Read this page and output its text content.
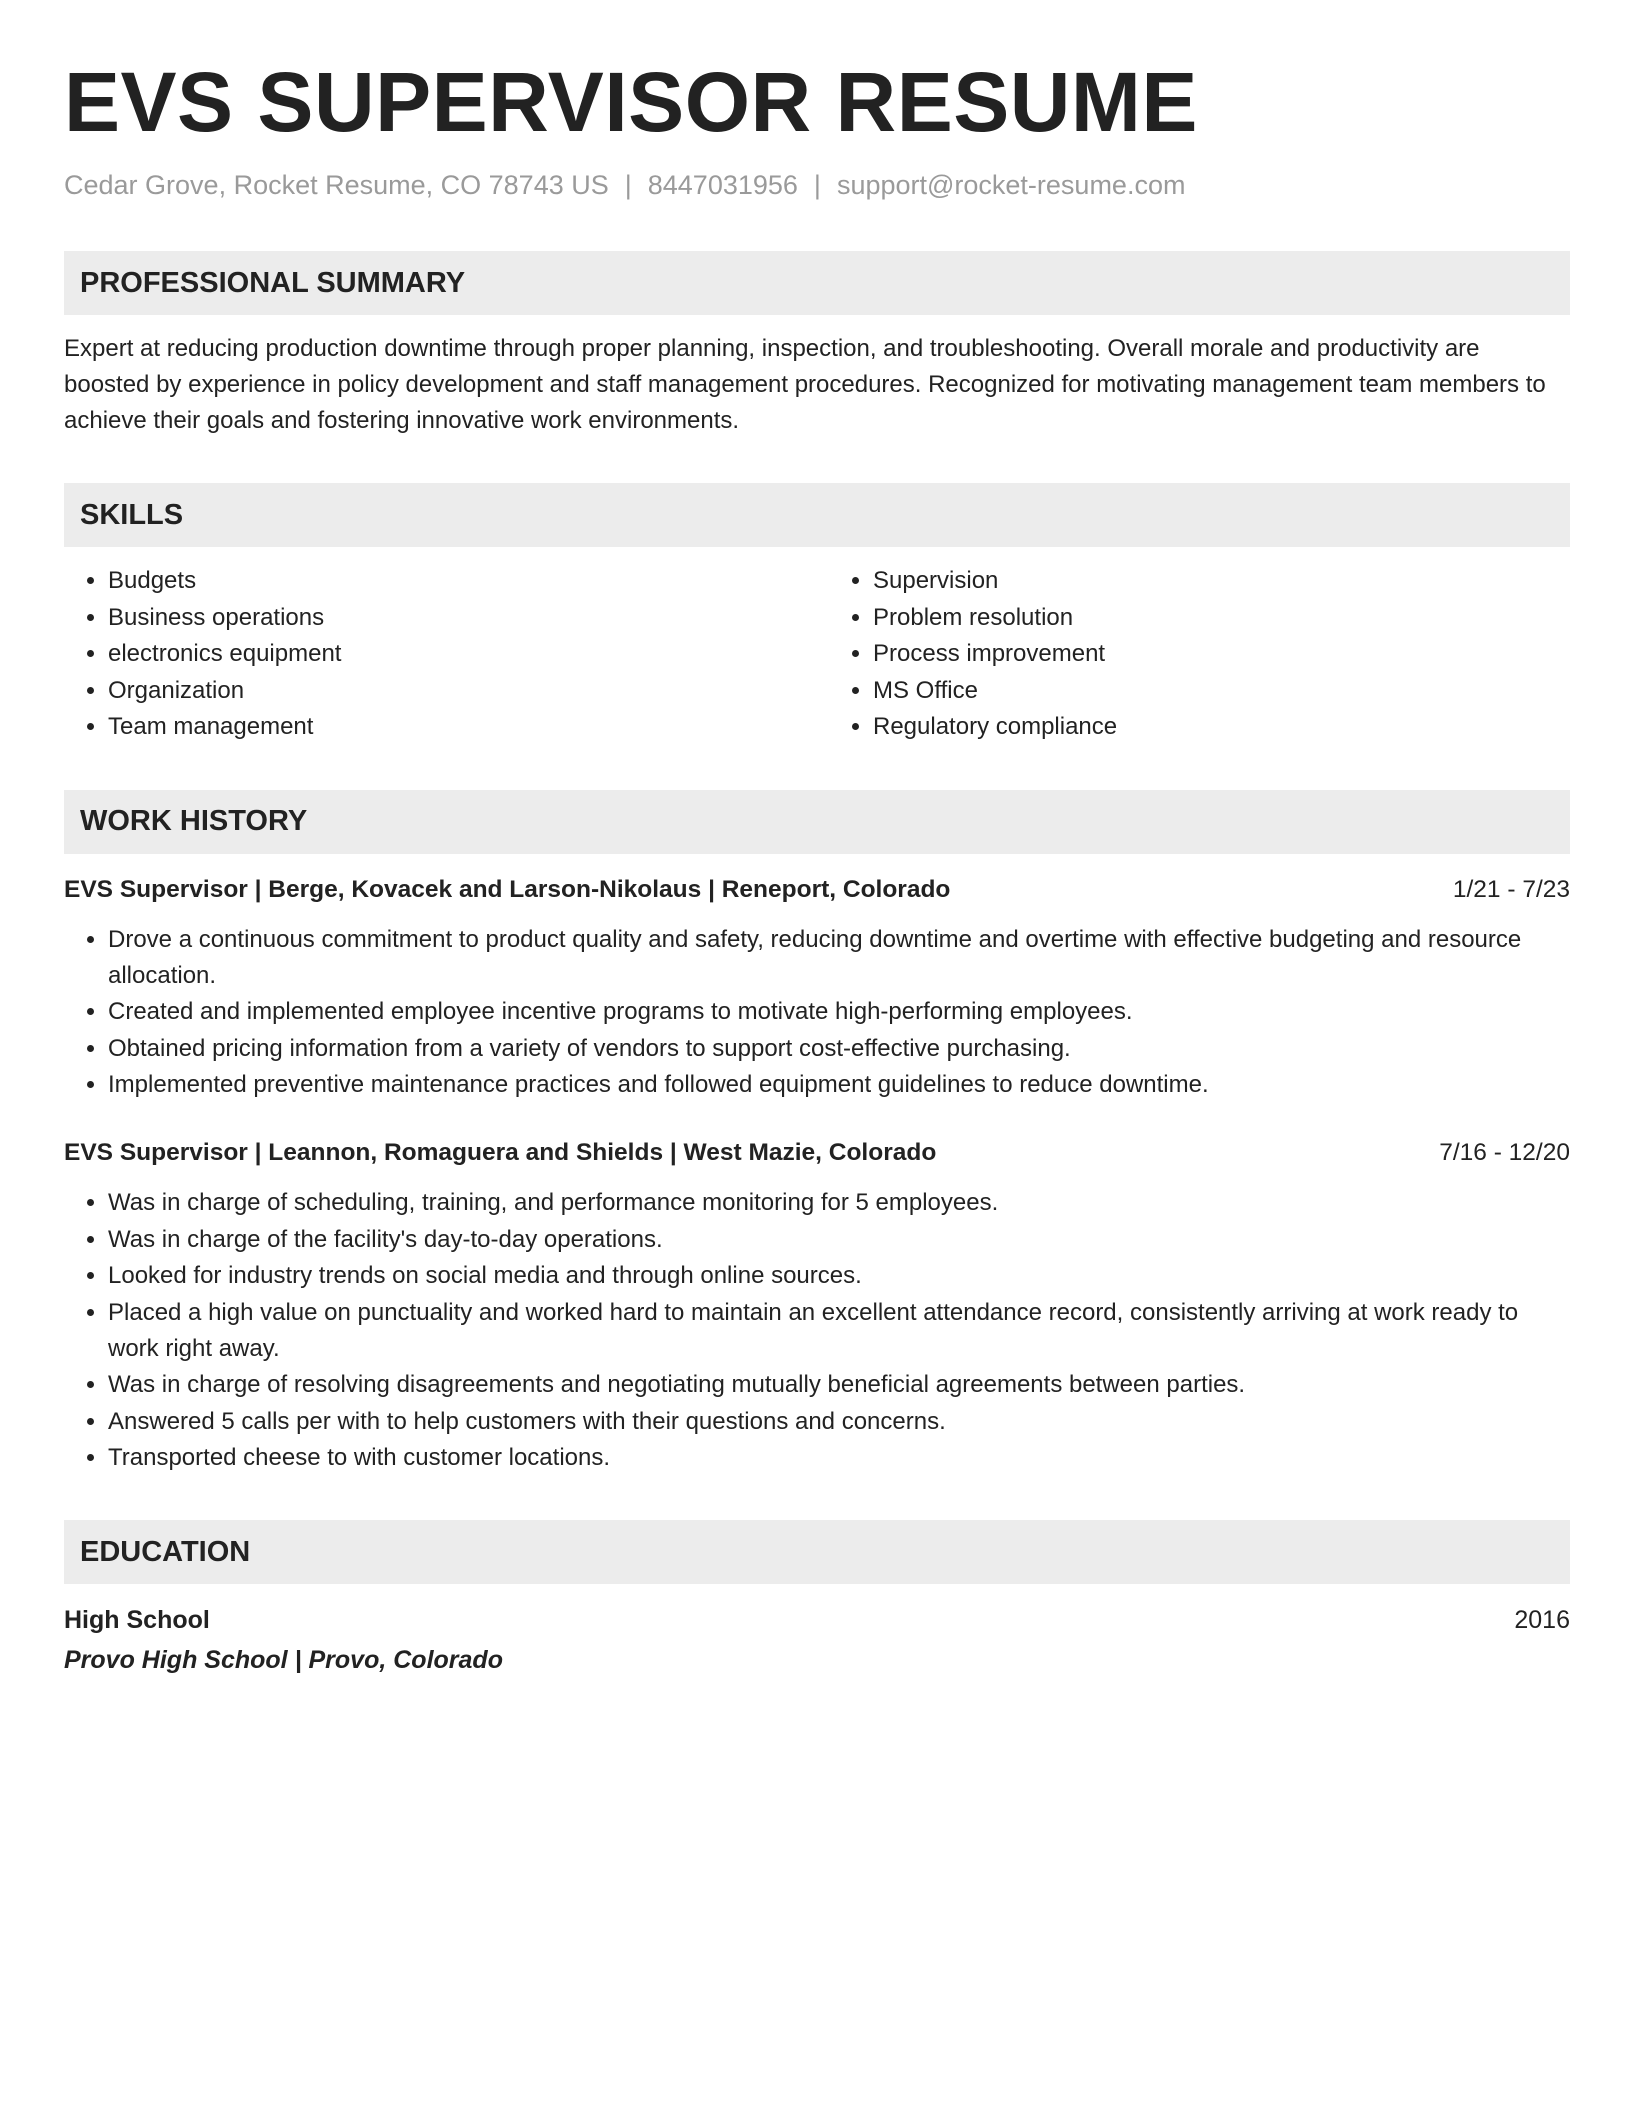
EVS SUPERVISOR RESUME
Cedar Grove, Rocket Resume, CO 78743 US | 8447031956 | support@rocket-resume.com
PROFESSIONAL SUMMARY
Expert at reducing production downtime through proper planning, inspection, and troubleshooting. Overall morale and productivity are boosted by experience in policy development and staff management procedures. Recognized for motivating management team members to achieve their goals and fostering innovative work environments.
SKILLS
• Budgets
• Business operations
• electronics equipment
• Organization
• Team management
• Supervision
• Problem resolution
• Process improvement
• MS Office
• Regulatory compliance
WORK HISTORY
EVS Supervisor | Berge, Kovacek and Larson-Nikolaus | Reneport, Colorado	1/21 - 7/23
• Drove a continuous commitment to product quality and safety, reducing downtime and overtime with effective budgeting and resource allocation.
• Created and implemented employee incentive programs to motivate high-performing employees.
• Obtained pricing information from a variety of vendors to support cost-effective purchasing.
• Implemented preventive maintenance practices and followed equipment guidelines to reduce downtime.
EVS Supervisor | Leannon, Romaguera and Shields | West Mazie, Colorado	7/16 - 12/20
• Was in charge of scheduling, training, and performance monitoring for 5 employees.
• Was in charge of the facility's day-to-day operations.
• Looked for industry trends on social media and through online sources.
• Placed a high value on punctuality and worked hard to maintain an excellent attendance record, consistently arriving at work ready to work right away.
• Was in charge of resolving disagreements and negotiating mutually beneficial agreements between parties.
• Answered 5 calls per with to help customers with their questions and concerns.
• Transported cheese to with customer locations.
EDUCATION
High School	2016
Provo High School | Provo, Colorado
